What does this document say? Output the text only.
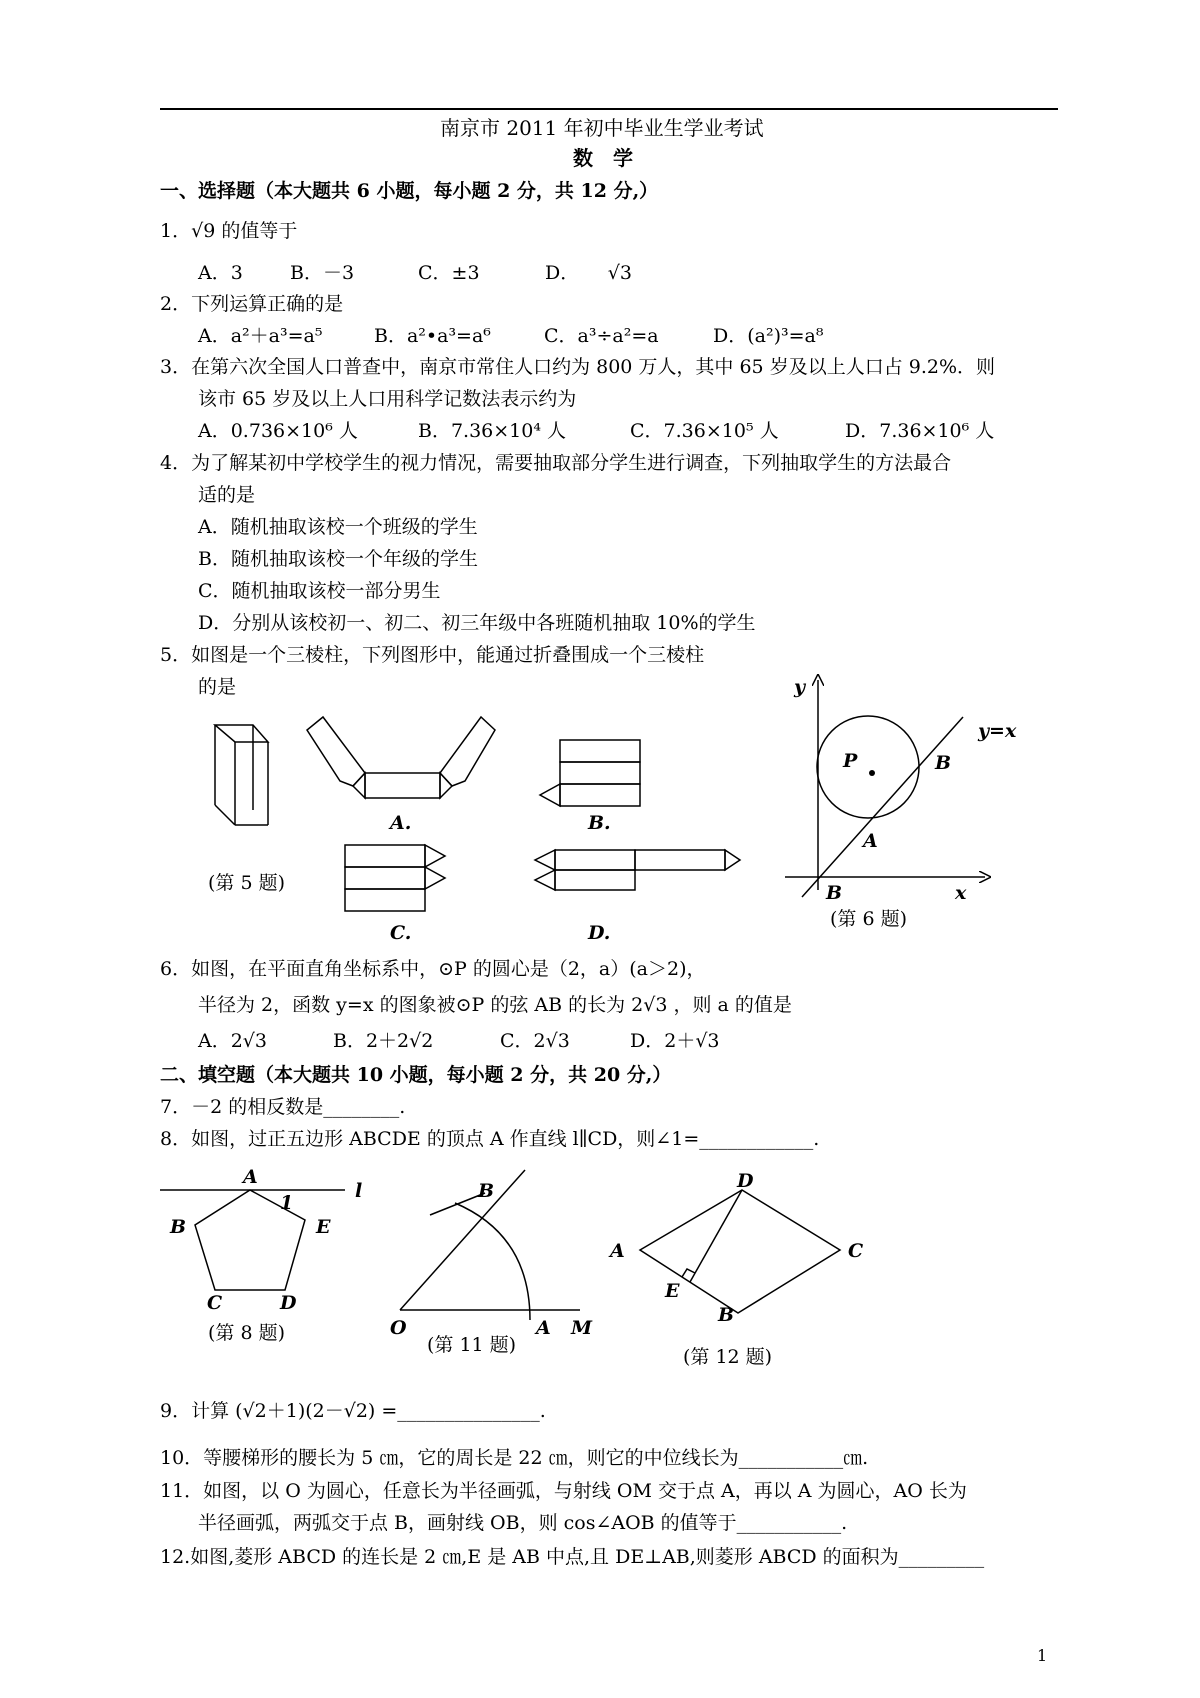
南京市 2011 年初中毕业生学业考试
数　学
一、选择题（本大题共 6 小题，每小题 2 分，共 12 分,）
1．√9 的值等于
A．3 B．－3	C．±3	D．　　√3
2．下列运算正确的是
A．a²＋a³=a⁵	B．a²•a³=a⁶	C．a³÷a²=a	D．(a²)³=a⁸
3．在第六次全国人口普查中，南京市常住人口约为 800 万人，其中 65 岁及以上人口占 9.2%．则
该市 65 岁及以上人口用科学记数法表示约为
A．0.736×10⁶ 人	B．7.36×10⁴ 人	C．7.36×10⁵ 人	D．7.36×10⁶ 人
4．为了解某初中学校学生的视力情况，需要抽取部分学生进行调查，下列抽取学生的方法最合
适的是
A．随机抽取该校一个班级的学生
B．随机抽取该校一个年级的学生
C．随机抽取该校一部分男生
D．分别从该校初一、初二、初三年级中各班随机抽取 10%的学生
5．如图是一个三棱柱，下列图形中，能通过折叠围成一个三棱柱
的是
A.	B.
C.	D.
(第 5 题)
y
y=x
P	B
A
B	x
(第 6 题)
6．如图，在平面直角坐标系中，⊙P 的圆心是（2，a）(a＞2)，
半径为 2，函数 y=x 的图象被⊙P 的弦 AB 的长为 2√3 ，则 a 的值是
A．2√3	B．2＋2√2	C．2√3	D．2＋√3
二、填空题（本大题共 10 小题，每小题 2 分，共 20 分,）
7．－2 的相反数是________.
8．如图，过正五边形 ABCDE 的顶点 A 作直线 l∥CD，则∠1=____________.
A
B
C	D
E
l
1
(第 8 题)
B
O	A M
(第 11 题)
A
B
C
D
E
(第 12 题)
9．计算 (√2＋1)(2－√2) =_______________.
10．等腰梯形的腰长为 5 ㎝，它的周长是 22 ㎝，则它的中位线长为___________㎝.
11．如图，以 O 为圆心，任意长为半径画弧，与射线 OM 交于点 A，再以 A 为圆心，AO 长为
半径画弧，两弧交于点 B，画射线 OB，则 cos∠AOB 的值等于___________.
12.如图,菱形 ABCD 的连长是 2 ㎝,E 是 AB 中点,且 DE⊥AB,则菱形 ABCD 的面积为_________
1
